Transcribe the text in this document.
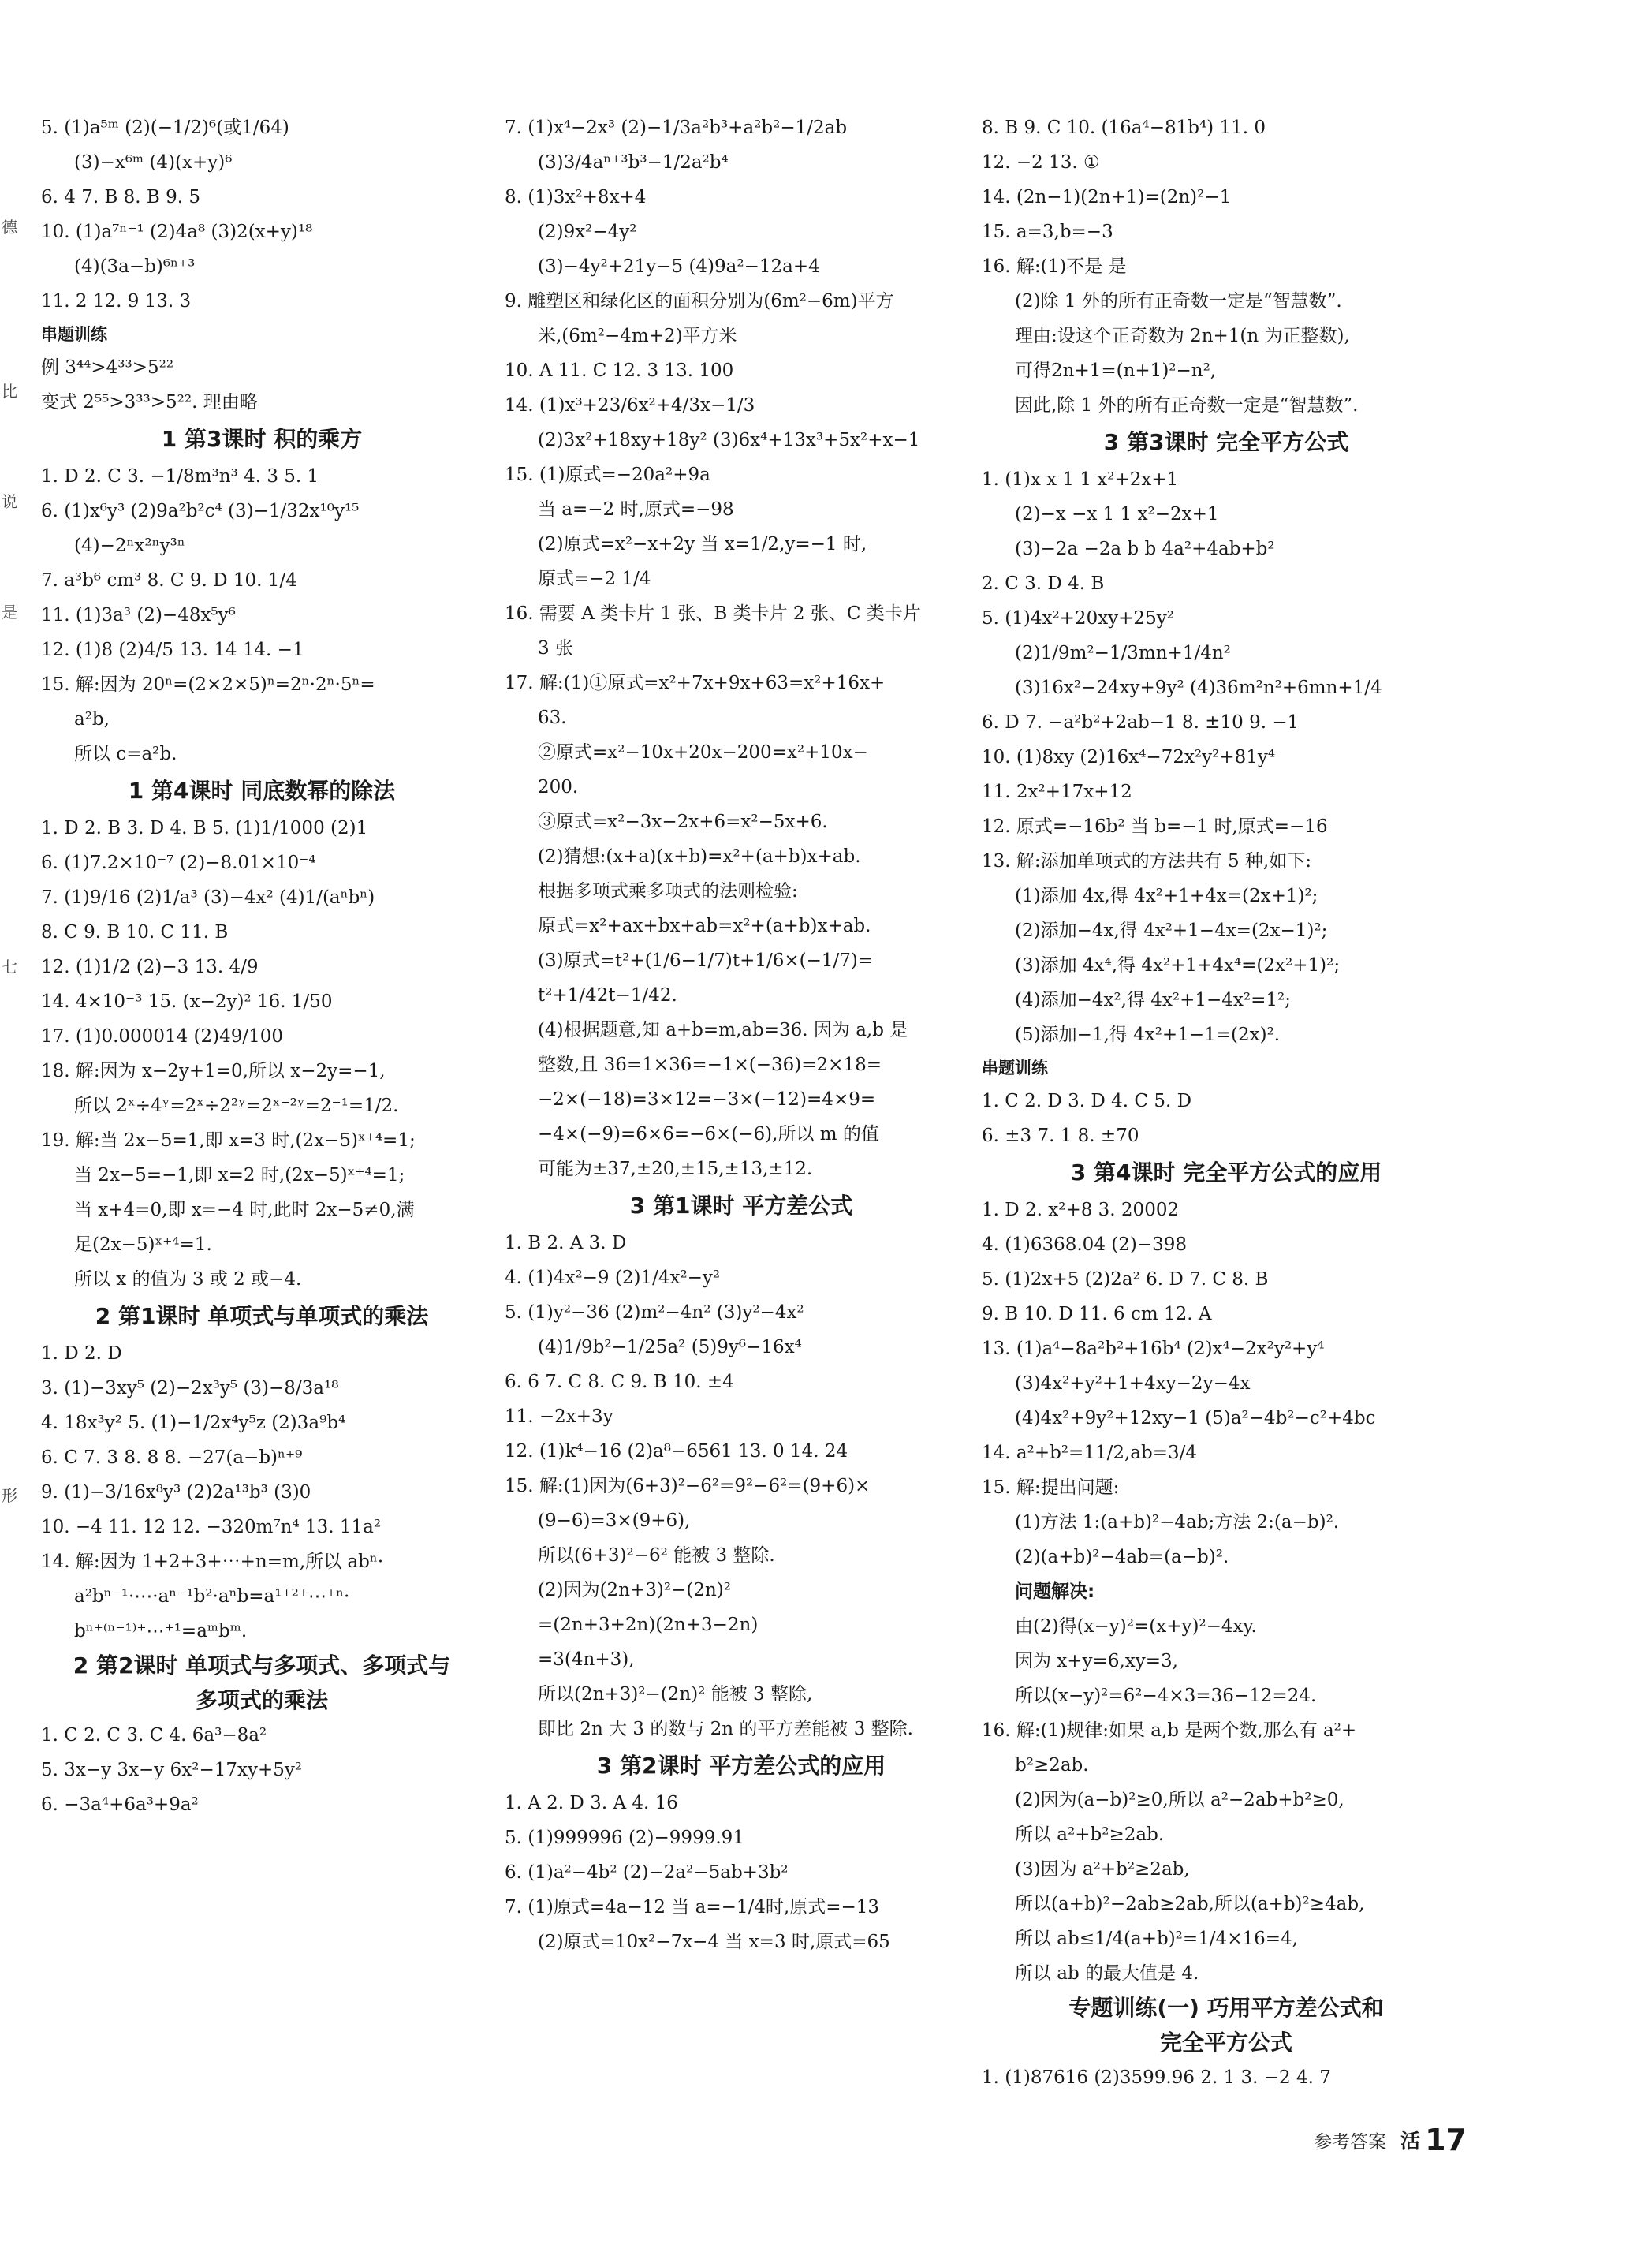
德
比
说
是
七
形
5. (1)a⁵ᵐ (2)(−1/2)⁶(或1/64)
(3)−x⁶ᵐ (4)(x+y)⁶
6. 4 7. B 8. B 9. 5
10. (1)a⁷ⁿ⁻¹ (2)4a⁸ (3)2(x+y)¹⁸
(4)(3a−b)⁶ⁿ⁺³
11. 2 12. 9 13. 3
串题训练
例 3⁴⁴>4³³>5²²
变式 2⁵⁵>3³³>5²². 理由略
1 第3课时 积的乘方
1. D 2. C 3. −1/8m³n³ 4. 3 5. 1
6. (1)x⁶y³ (2)9a²b²c⁴ (3)−1/32x¹⁰y¹⁵
(4)−2ⁿx²ⁿy³ⁿ
7. a³b⁶ cm³ 8. C 9. D 10. 1/4
11. (1)3a³ (2)−48x⁵y⁶
12. (1)8 (2)4/5 13. 14 14. −1
15. 解:因为 20ⁿ=(2×2×5)ⁿ=2ⁿ·2ⁿ·5ⁿ=
a²b,
所以 c=a²b.
1 第4课时 同底数幂的除法
1. D 2. B 3. D 4. B 5. (1)1/1000 (2)1
6. (1)7.2×10⁻⁷ (2)−8.01×10⁻⁴
7. (1)9/16 (2)1/a³ (3)−4x² (4)1/(aⁿbⁿ)
8. C 9. B 10. C 11. B
12. (1)1/2 (2)−3 13. 4/9
14. 4×10⁻³ 15. (x−2y)² 16. 1/50
17. (1)0.000014 (2)49/100
18. 解:因为 x−2y+1=0,所以 x−2y=−1,
所以 2ˣ÷4ʸ=2ˣ÷2²ʸ=2ˣ⁻²ʸ=2⁻¹=1/2.
19. 解:当 2x−5=1,即 x=3 时,(2x−5)ˣ⁺⁴=1;
当 2x−5=−1,即 x=2 时,(2x−5)ˣ⁺⁴=1;
当 x+4=0,即 x=−4 时,此时 2x−5≠0,满
足(2x−5)ˣ⁺⁴=1.
所以 x 的值为 3 或 2 或−4.
2 第1课时 单项式与单项式的乘法
1. D 2. D
3. (1)−3xy⁵ (2)−2x³y⁵ (3)−8/3a¹⁸
4. 18x³y² 5. (1)−1/2x⁴y⁵z (2)3a⁹b⁴
6. C 7. 3 8. 8 8. −27(a−b)ⁿ⁺⁹
9. (1)−3/16x⁸y³ (2)2a¹³b³ (3)0
10. −4 11. 12 12. −320m⁷n⁴ 13. 11a²
14. 解:因为 1+2+3+⋯+n=m,所以 abⁿ·
a²bⁿ⁻¹·⋯·aⁿ⁻¹b²·aⁿb=a¹⁺²⁺⋯⁺ⁿ·
bⁿ⁺⁽ⁿ⁻¹⁾⁺⋯⁺¹=aᵐbᵐ.
2 第2课时 单项式与多项式、多项式与
多项式的乘法
1. C 2. C 3. C 4. 6a³−8a²
5. 3x−y 3x−y 6x²−17xy+5y²
6. −3a⁴+6a³+9a²
7. (1)x⁴−2x³ (2)−1/3a²b³+a²b²−1/2ab
(3)3/4aⁿ⁺³b³−1/2a²b⁴
8. (1)3x²+8x+4
(2)9x²−4y²
(3)−4y²+21y−5 (4)9a²−12a+4
9. 雕塑区和绿化区的面积分别为(6m²−6m)平方
米,(6m²−4m+2)平方米
10. A 11. C 12. 3 13. 100
14. (1)x³+23/6x²+4/3x−1/3
(2)3x²+18xy+18y² (3)6x⁴+13x³+5x²+x−1
15. (1)原式=−20a²+9a
当 a=−2 时,原式=−98
(2)原式=x²−x+2y 当 x=1/2,y=−1 时,
原式=−2 1/4
16. 需要 A 类卡片 1 张、B 类卡片 2 张、C 类卡片
3 张
17. 解:(1)①原式=x²+7x+9x+63=x²+16x+
63.
②原式=x²−10x+20x−200=x²+10x−
200.
③原式=x²−3x−2x+6=x²−5x+6.
(2)猜想:(x+a)(x+b)=x²+(a+b)x+ab.
根据多项式乘多项式的法则检验:
原式=x²+ax+bx+ab=x²+(a+b)x+ab.
(3)原式=t²+(1/6−1/7)t+1/6×(−1/7)=
t²+1/42t−1/42.
(4)根据题意,知 a+b=m,ab=36. 因为 a,b 是
整数,且 36=1×36=−1×(−36)=2×18=
−2×(−18)=3×12=−3×(−12)=4×9=
−4×(−9)=6×6=−6×(−6),所以 m 的值
可能为±37,±20,±15,±13,±12.
3 第1课时 平方差公式
1. B 2. A 3. D
4. (1)4x²−9 (2)1/4x²−y²
5. (1)y²−36 (2)m²−4n² (3)y²−4x²
(4)1/9b²−1/25a² (5)9y⁶−16x⁴
6. 6 7. C 8. C 9. B 10. ±4
11. −2x+3y
12. (1)k⁴−16 (2)a⁸−6561 13. 0 14. 24
15. 解:(1)因为(6+3)²−6²=9²−6²=(9+6)×
(9−6)=3×(9+6),
所以(6+3)²−6² 能被 3 整除.
(2)因为(2n+3)²−(2n)²
=(2n+3+2n)(2n+3−2n)
=3(4n+3),
所以(2n+3)²−(2n)² 能被 3 整除,
即比 2n 大 3 的数与 2n 的平方差能被 3 整除.
3 第2课时 平方差公式的应用
1. A 2. D 3. A 4. 16
5. (1)999996 (2)−9999.91
6. (1)a²−4b² (2)−2a²−5ab+3b²
7. (1)原式=4a−12 当 a=−1/4时,原式=−13
(2)原式=10x²−7x−4 当 x=3 时,原式=65
8. B 9. C 10. (16a⁴−81b⁴) 11. 0
12. −2 13. ①
14. (2n−1)(2n+1)=(2n)²−1
15. a=3,b=−3
16. 解:(1)不是 是
(2)除 1 外的所有正奇数一定是“智慧数”.
理由:设这个正奇数为 2n+1(n 为正整数),
可得2n+1=(n+1)²−n²,
因此,除 1 外的所有正奇数一定是“智慧数”.
3 第3课时 完全平方公式
1. (1)x x 1 1 x²+2x+1
(2)−x −x 1 1 x²−2x+1
(3)−2a −2a b b 4a²+4ab+b²
2. C 3. D 4. B
5. (1)4x²+20xy+25y²
(2)1/9m²−1/3mn+1/4n²
(3)16x²−24xy+9y² (4)36m²n²+6mn+1/4
6. D 7. −a²b²+2ab−1 8. ±10 9. −1
10. (1)8xy (2)16x⁴−72x²y²+81y⁴
11. 2x²+17x+12
12. 原式=−16b² 当 b=−1 时,原式=−16
13. 解:添加单项式的方法共有 5 种,如下:
(1)添加 4x,得 4x²+1+4x=(2x+1)²;
(2)添加−4x,得 4x²+1−4x=(2x−1)²;
(3)添加 4x⁴,得 4x²+1+4x⁴=(2x²+1)²;
(4)添加−4x²,得 4x²+1−4x²=1²;
(5)添加−1,得 4x²+1−1=(2x)².
串题训练
1. C 2. D 3. D 4. C 5. D
6. ±3 7. 1 8. ±70
3 第4课时 完全平方公式的应用
1. D 2. x²+8 3. 20002
4. (1)6368.04 (2)−398
5. (1)2x+5 (2)2a² 6. D 7. C 8. B
9. B 10. D 11. 6 cm 12. A
13. (1)a⁴−8a²b²+16b⁴ (2)x⁴−2x²y²+y⁴
(3)4x²+y²+1+4xy−2y−4x
(4)4x²+9y²+12xy−1 (5)a²−4b²−c²+4bc
14. a²+b²=11/2,ab=3/4
15. 解:提出问题:
(1)方法 1:(a+b)²−4ab;方法 2:(a−b)².
(2)(a+b)²−4ab=(a−b)².
问题解决:
由(2)得(x−y)²=(x+y)²−4xy.
因为 x+y=6,xy=3,
所以(x−y)²=6²−4×3=36−12=24.
16. 解:(1)规律:如果 a,b 是两个数,那么有 a²+
b²≥2ab.
(2)因为(a−b)²≥0,所以 a²−2ab+b²≥0,
所以 a²+b²≥2ab.
(3)因为 a²+b²≥2ab,
所以(a+b)²−2ab≥2ab,所以(a+b)²≥4ab,
所以 ab≤1/4(a+b)²=1/4×16=4,
所以 ab 的最大值是 4.
专题训练(一) 巧用平方差公式和
完全平方公式
1. (1)87616 (2)3599.96 2. 1 3. −2 4. 7
参考答案 活 17
